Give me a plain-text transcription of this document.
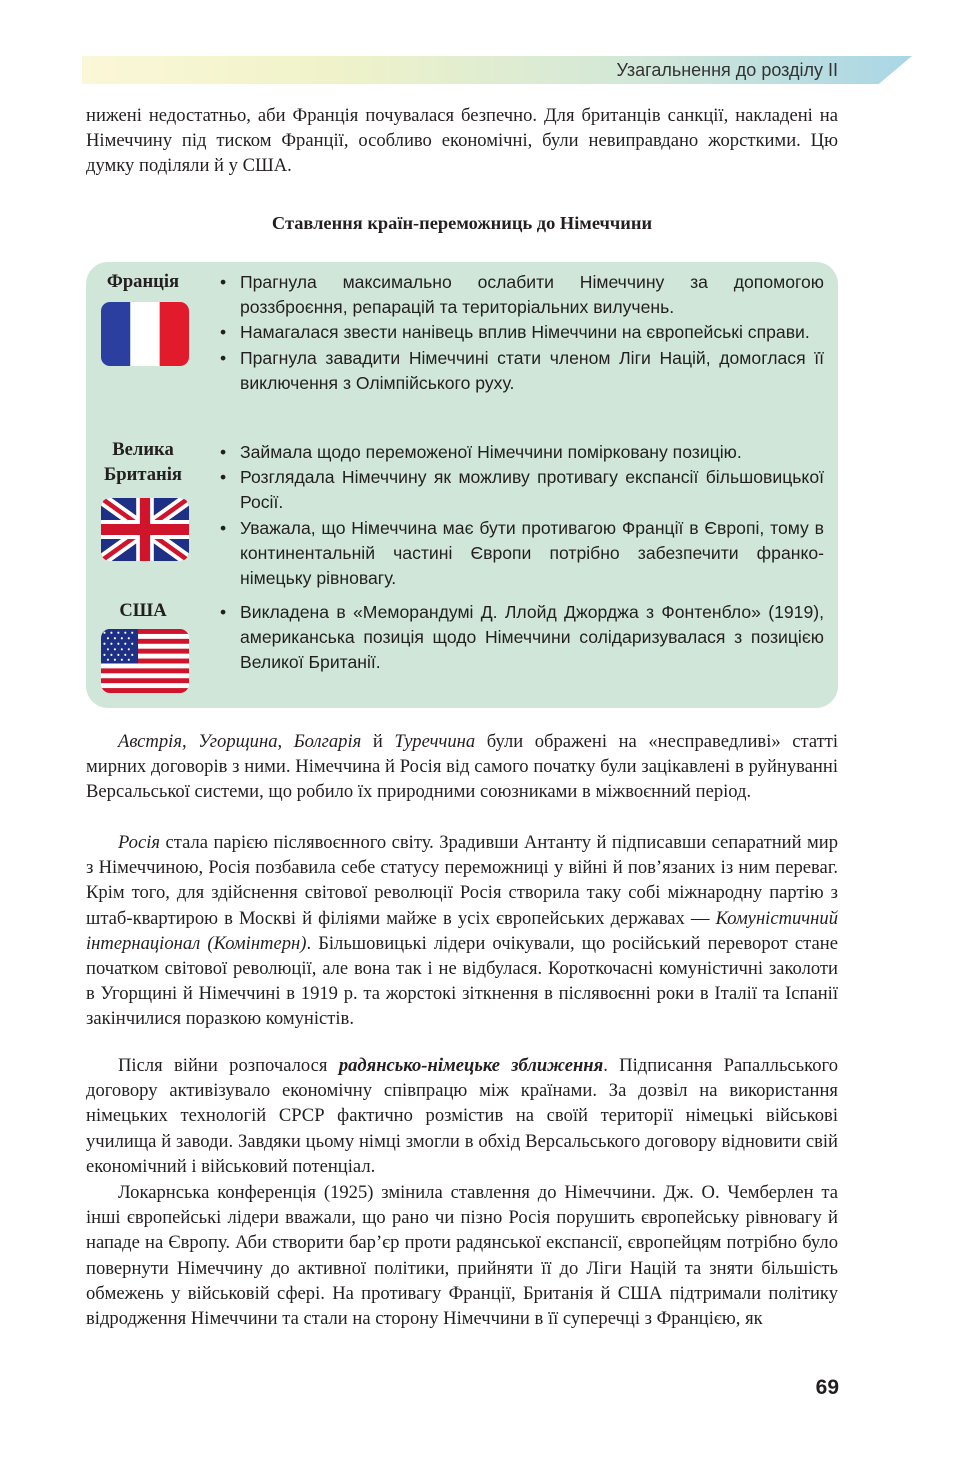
Узагальнення до розділу ІІ

нижені недостатньо, аби Франція почувалася безпечно. Для британців санкції, накладені на Німеччину під тиском Франції, особливо економічні, були невиправдано жорсткими. Цю думку поділяли й у США.

Ставлення країн-переможниць до Німеччини
Франція	• Прагнула максимально ослабити Німеччину за допомогою роззброєння, репарацій та територіальних вилучень.
• Намагалася звести нанівець вплив Німеччини на європейські справи.
• Прагнула завадити Німеччині стати членом Ліги Націй, домоглася її виключення з Олімпійського руху.
Велика
Британія
• Займала щодо переможеної Німеччини поміркованy позицію.
• Розглядала Німеччину як можливу противагу експансії більшовицької Росії.
• Уважала, що Німеччина має бути противагою Франції в Європі, тому в континентальній частині Європи потрібно забезпечити франко-німецьку рівновагу.
США	• Викладена в «Меморандумі Д. Ллойд Джорджа з Фонтенбло» (1919), американська позиція щодо Німеччини солідаризувалася з позицією Великої Британії.

Австрія, Угорщина, Болгарія й Туреччина були ображені на «несправедливі» статті мирних договорів з ними. Німеччина й Росія від самого початку були зацікавлені в руйнуванні Версальської системи, що робило їх природними союзниками в міжвоєнний період.

Росія стала парією післявоєнного світу. Зрадивши Антанту й підписавши сепаратний мир з Німеччиною, Росія позбавила себе статусу переможниці у війні й пов’язаних із ним переваг. Крім того, для здійснення світової революції Росія створила таку собі міжнародну партію з штаб-квартирою в Москві й філіями майже в усіх європейських державах — Комуністичний інтернаціонал (Комінтерн). Більшовицькі лідери очікували, що російський переворот стане початком світової революції, але вона так і не відбулася. Короткочасні комуністичні заколоти в Угорщині й Німеччині в 1919 р. та жорстокі зіткнення в післявоєнні роки в Італії та Іспанії закінчилися поразкою комуністів.

Після війни розпочалося радянсько-німецьке зближення. Підписання Рапалльського договору активізувало економічну співпрацю між країнами. За дозвіл на використання німецьких технологій СРСР фактично розмістив на своїй території німецькі військові училища й заводи. Завдяки цьому німці змогли в обхід Версальського договору відновити свій економічний і військовий потенціал.

Локарнська конференція (1925) змінила ставлення до Німеччини. Дж. О. Чемберлен та інші європейські лідери вважали, що рано чи пізно Росія порушить європейську рівновагу й нападе на Європу. Аби створити бар’єр проти радянської експансії, європейцям потрібно було повернути Німеччину до активної політики, прийняти її до Ліги Націй та зняти більшість обмежень у військовій сфері. На противагу Франції, Британія й США підтримали політику відродження Німеччини та стали на сторону Німеччини в її суперечці з Францією, як

69
